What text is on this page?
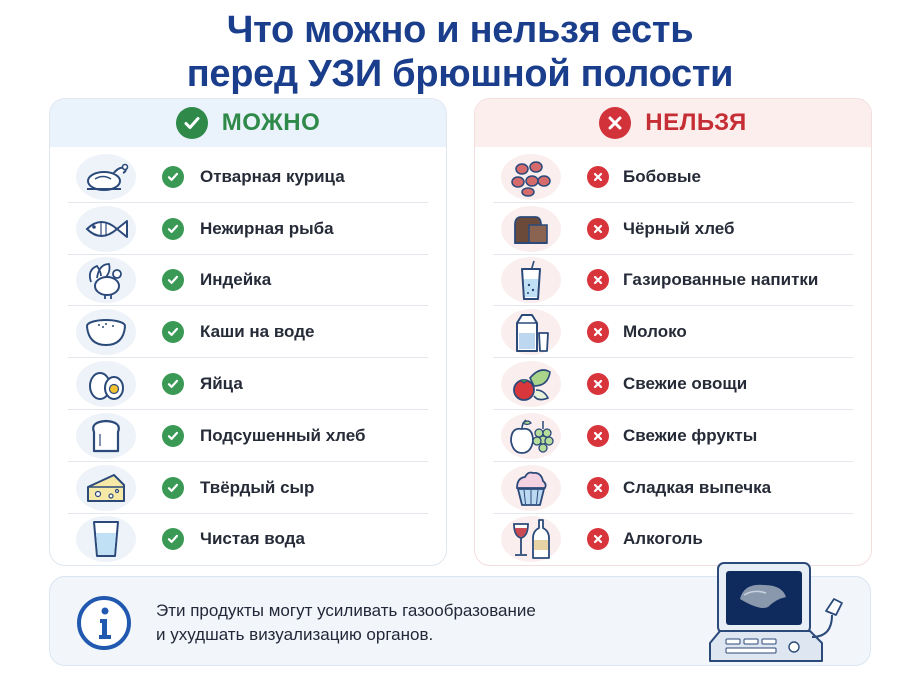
Что можно и нельзя есть
перед УЗИ брюшной полости
МОЖНО
Отварная курица
Нежирная рыба
Индейка
Каши на воде
Яйца
Подсушенный хлеб
Твёрдый сыр
Чистая вода
НЕЛЬЗЯ
Бобовые
Чёрный хлеб
Газированные напитки
Молоко
Свежие овощи
Свежие фрукты
Сладкая выпечка
Алкоголь
Эти продукты могут усиливать газообразование
и ухудшать визуализацию органов.
